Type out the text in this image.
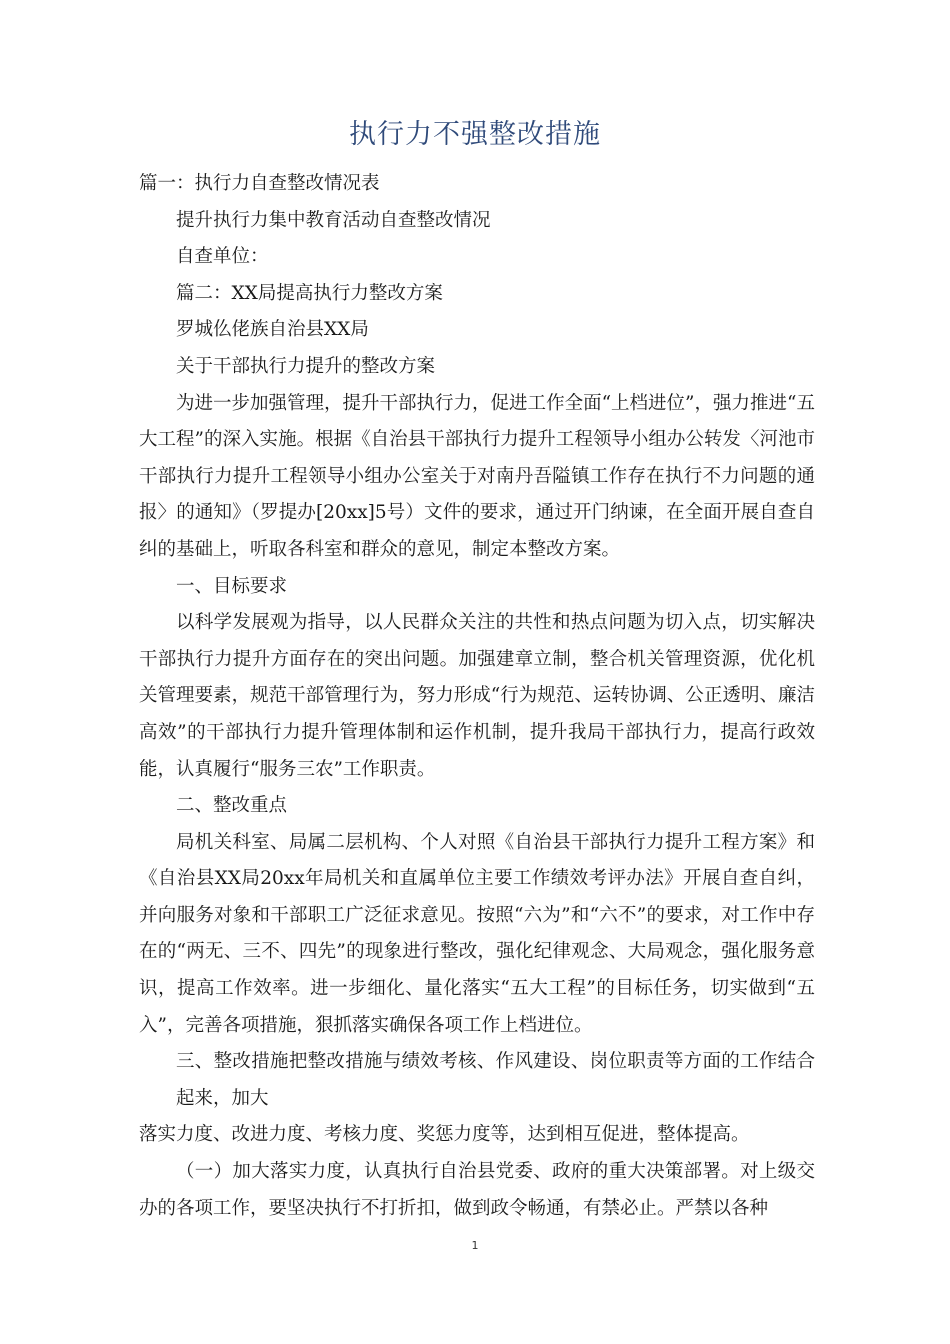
执行力不强整改措施

篇一：执行力自查整改情况表

提升执行力集中教育活动自查整改情况

自查单位：

篇二：XX局提高执行力整改方案

罗城仫佬族自治县XX局

关于干部执行力提升的整改方案

为进一步加强管理，提升干部执行力，促进工作全面“上档进位”，强力推进“五大工程”的深入实施。根据《自治县干部执行力提升工程领导小组办公转发〈河池市干部执行力提升工程领导小组办公室关于对南丹吾隘镇工作存在执行不力问题的通报〉的通知》（罗提办[20xx]5号）文件的要求，通过开门纳谏，在全面开展自查自纠的基础上，听取各科室和群众的意见，制定本整改方案。

一、目标要求

以科学发展观为指导，以人民群众关注的共性和热点问题为切入点，切实解决干部执行力提升方面存在的突出问题。加强建章立制，整合机关管理资源，优化机关管理要素，规范干部管理行为，努力形成“行为规范、运转协调、公正透明、廉洁高效”的干部执行力提升管理体制和运作机制，提升我局干部执行力，提高行政效能，认真履行“服务三农”工作职责。

二、整改重点

局机关科室、局属二层机构、个人对照《自治县干部执行力提升工程方案》和《自治县XX局20xx年局机关和直属单位主要工作绩效考评办法》开展自查自纠，并向服务对象和干部职工广泛征求意见。按照“六为”和“六不”的要求，对工作中存在的“两无、三不、四先”的现象进行整改，强化纪律观念、大局观念，强化服务意识，提高工作效率。进一步细化、量化落实“五大工程”的目标任务，切实做到“五入”，完善各项措施，狠抓落实确保各项工作上档进位。

三、整改措施把整改措施与绩效考核、作风建设、岗位职责等方面的工作结合起来，加大

落实力度、改进力度、考核力度、奖惩力度等，达到相互促进，整体提高。

（一）加大落实力度，认真执行自治县党委、政府的重大决策部署。对上级交办的各项工作，要坚决执行不打折扣，做到政令畅通，有禁必止。严禁以各种

1
